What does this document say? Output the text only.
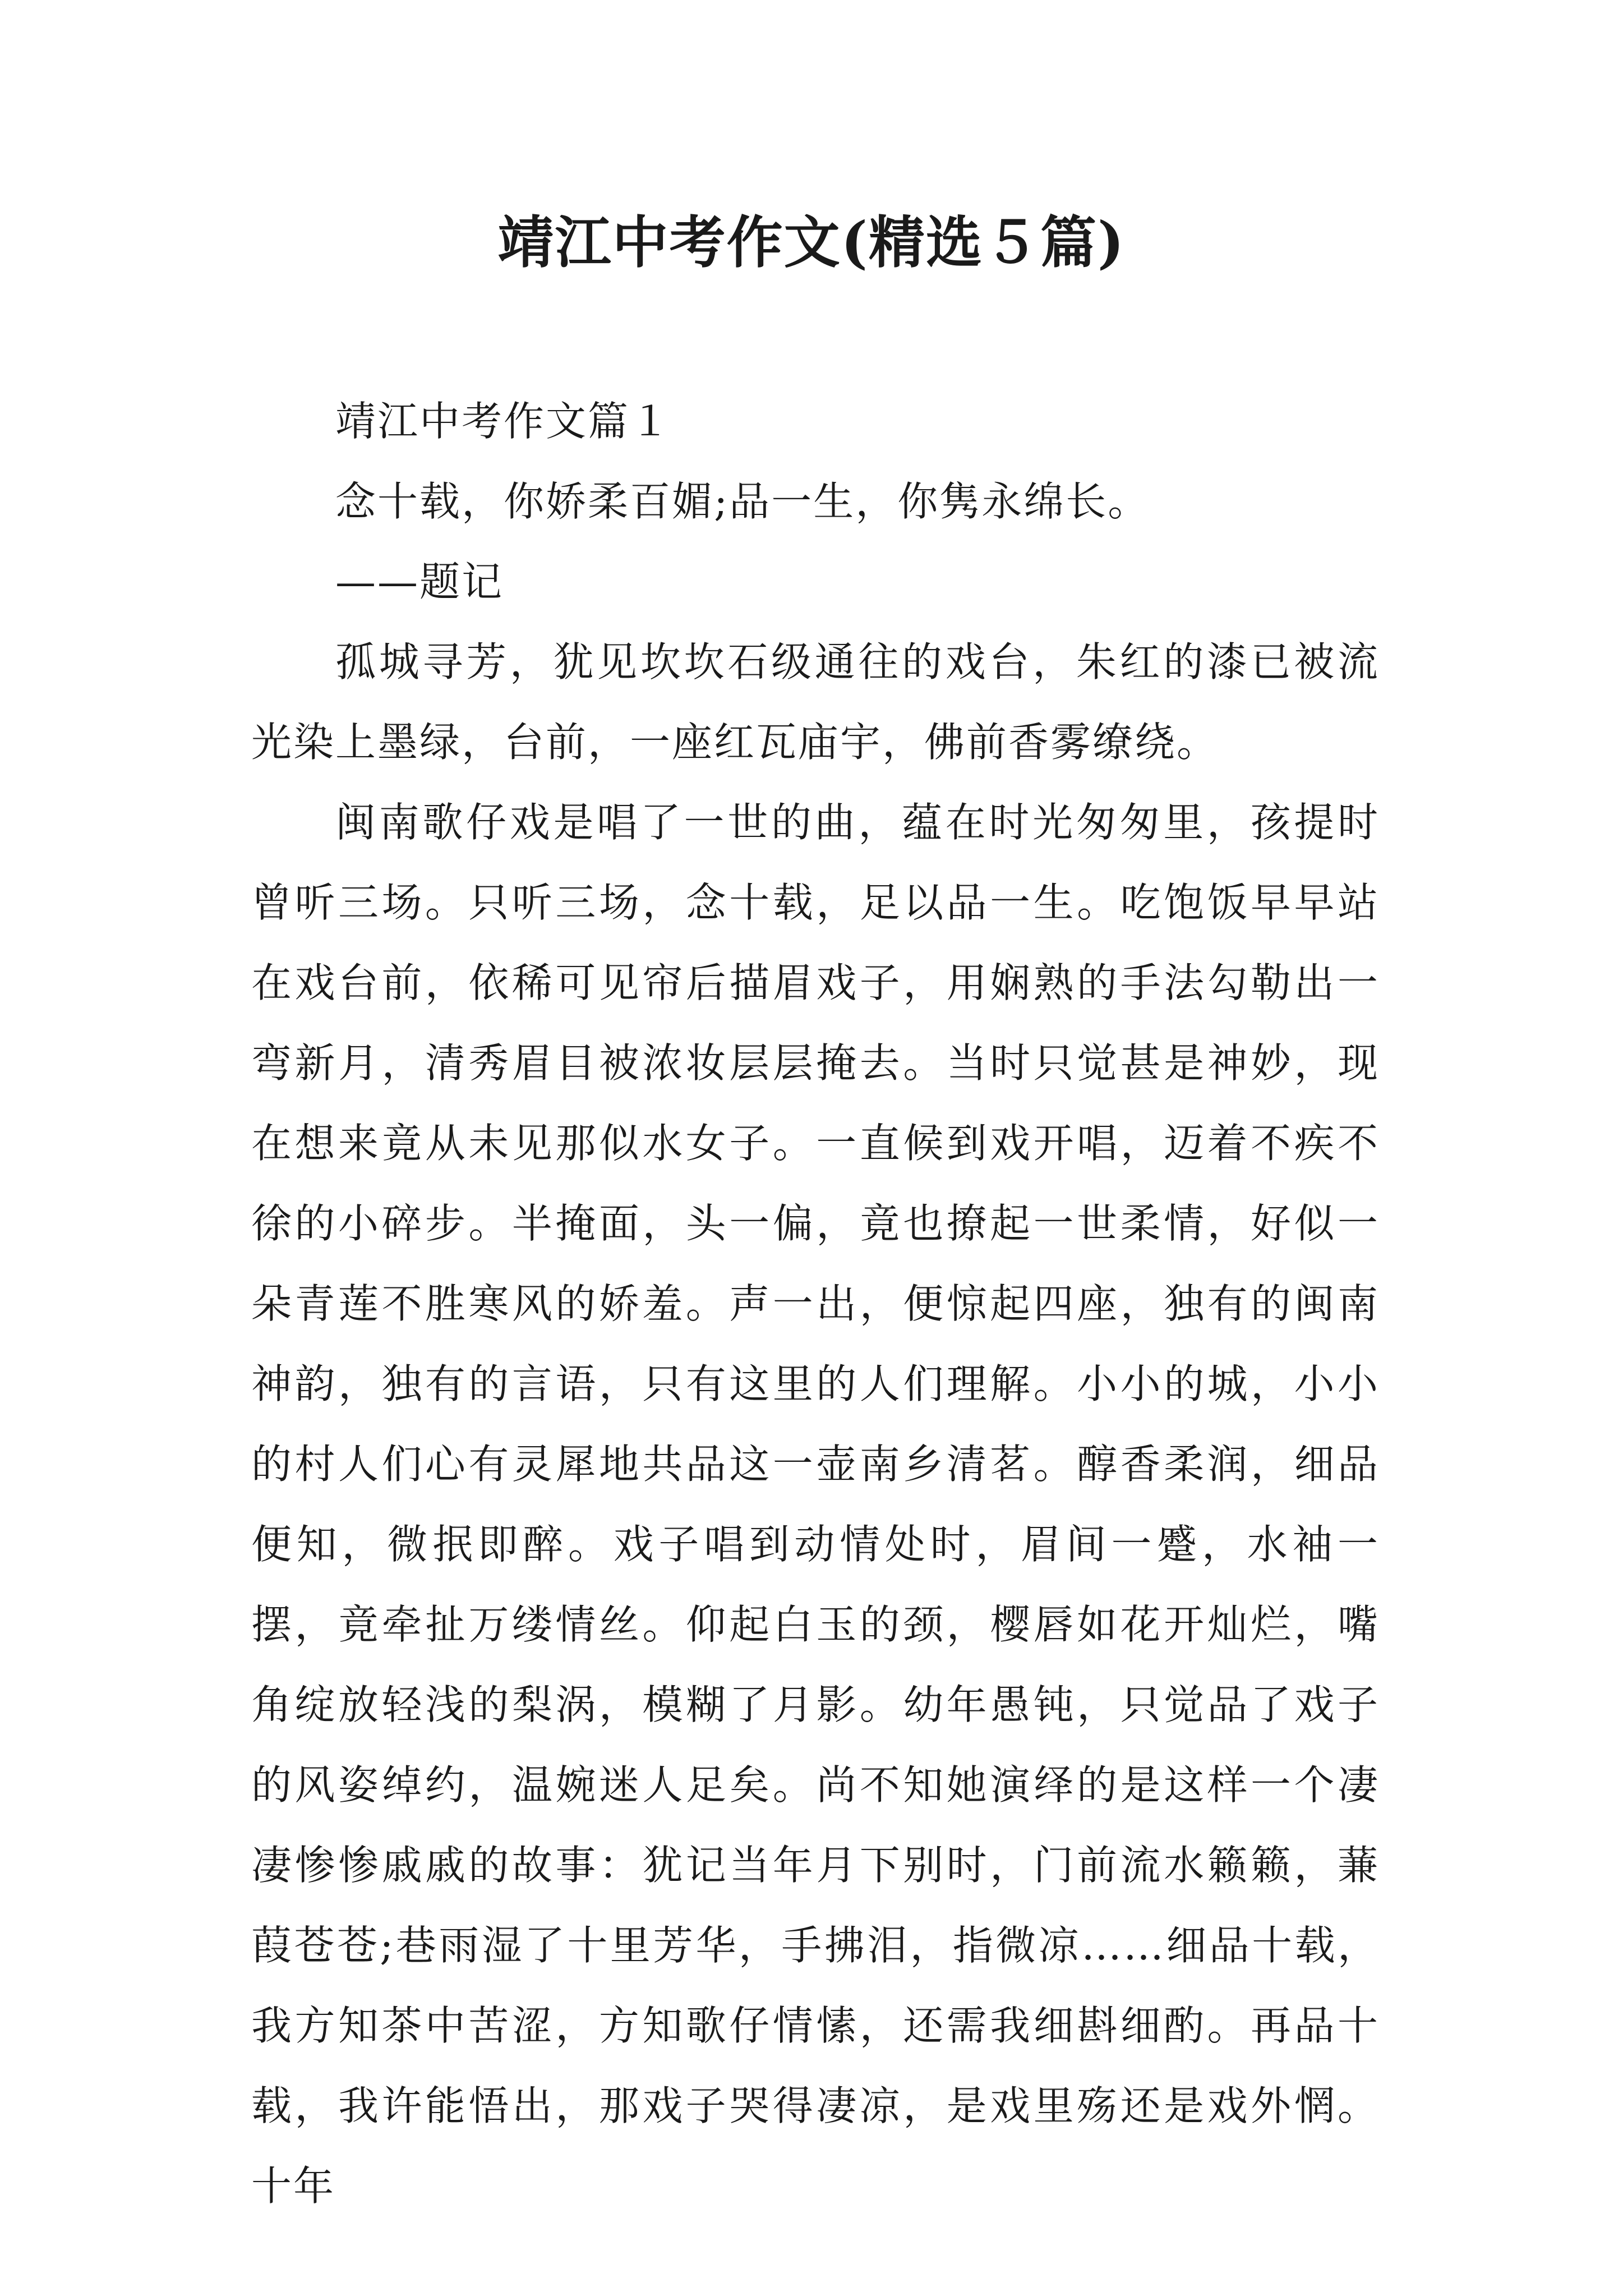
靖江中考作文(精选５篇)

靖江中考作文篇１

念十载，你娇柔百媚;品一生，你隽永绵长。

——题记

孤城寻芳，犹见坎坎石级通往的戏台，朱红的漆已被流光染上墨绿，台前，一座红瓦庙宇，佛前香雾缭绕。

闽南歌仔戏是唱了一世的曲，蕴在时光匆匆里，孩提时曾听三场。只听三场，念十载，足以品一生。吃饱饭早早站在戏台前，依稀可见帘后描眉戏子，用娴熟的手法勾勒出一弯新月，清秀眉目被浓妆层层掩去。当时只觉甚是神妙，现在想来竟从未见那似水女子。一直候到戏开唱，迈着不疾不徐的小碎步。半掩面，头一偏，竟也撩起一世柔情，好似一朵青莲不胜寒风的娇羞。声一出，便惊起四座，独有的闽南神韵，独有的言语，只有这里的人们理解。小小的城，小小的村人们心有灵犀地共品这一壶南乡清茗。醇香柔润，细品便知，微抿即醉。戏子唱到动情处时，眉间一蹙，水袖一摆，竟牵扯万缕情丝。仰起白玉的颈，樱唇如花开灿烂，嘴角绽放轻浅的梨涡，模糊了月影。幼年愚钝，只觉品了戏子的风姿绰约，温婉迷人足矣。尚不知她演绎的是这样一个凄凄惨惨戚戚的故事：犹记当年月下别时，门前流水籁籁，蒹葭苍苍;巷雨湿了十里芳华，手拂泪，指微凉……细品十载，我方知茶中苦涩，方知歌仔情愫，还需我细斟细酌。再品十载，我许能悟出，那戏子哭得凄凉，是戏里殇还是戏外惘。十年
